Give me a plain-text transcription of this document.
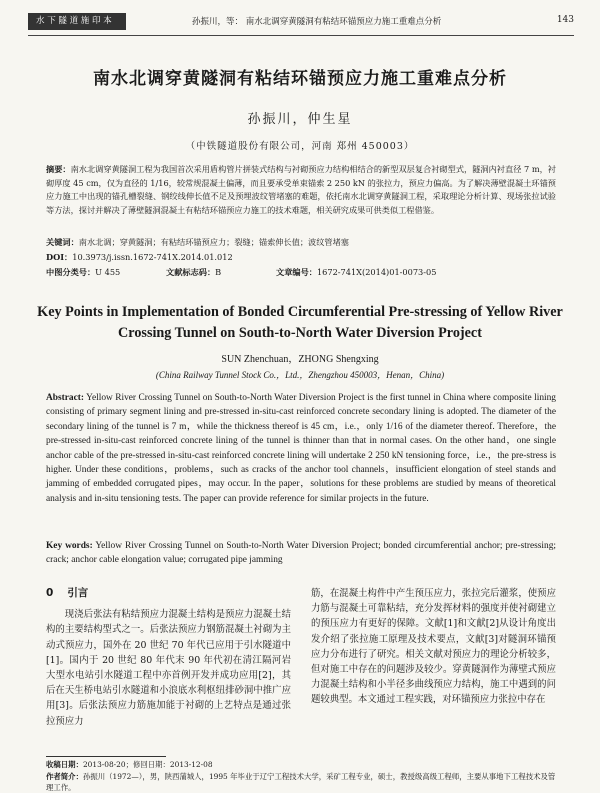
水 下 隧 道 施 印 本	孙振川，等： 南水北调穿黄隧洞有粘结环锚预应力施工重难点分析	143
南水北调穿黄隧洞有粘结环锚预应力施工重难点分析
孙振川，仲生星
（中铁隧道股份有限公司，河南 郑州 450003）
摘要：南水北调穿黄隧洞工程为我国首次采用盾构管片拼装式结构与衬砌预应力结构相结合的新型双层复合衬砌型式，隧洞内衬直径 7 m，衬砌厚度 45 cm，仅为直径的 1/16，较常规混凝土偏薄，而且要承受单束锚索 2 250 kN 的张拉力，预应力偏高。为了解决薄壁混凝土环锚预应力施工中出现的锚孔槽裂缝、钢绞线伸长值不足及预埋波纹管堵塞的难题，依托南水北调穿黄隧洞工程，采取理论分析计算、现场张拉试验等方法，探讨并解决了薄壁隧洞混凝土有粘结环锚预应力施工的技术难题，相关研究成果可供类似工程借鉴。
关键词：南水北调；穿黄隧洞；有粘结环锚预应力；裂缝；锚索伸长值；波纹管堵塞
DOI：10.3973/j.issn.1672-741X.2014.01.012
中图分类号：U 455	文献标志码：B	文章编号：1672-741X(2014)01-0073-05
Key Points in Implementation of Bonded Circumferential Pre-stressing of Yellow River Crossing Tunnel on South-to-North Water Diversion Project
SUN Zhenchuan，ZHONG Shengxing
(China Railway Tunnel Stock Co.，Ltd.，Zhengzhou 450003，Henan，China)
Abstract: Yellow River Crossing Tunnel on South-to-North Water Diversion Project is the first tunnel in China where composite lining consisting of primary segment lining and pre-stressed in-situ-cast reinforced concrete secondary lining is adopted. The diameter of the secondary lining of the tunnel is 7 m，while the thickness thereof is 45 cm，i.e.，only 1/16 of the diameter thereof. Therefore，the pre-stressed in-situ-cast reinforced concrete lining of the tunnel is thinner than that in normal cases. On the other hand，one single anchor cable of the pre-stressed in-situ-cast reinforced concrete lining will undertake 2 250 kN tensioning force，i.e.，the pre-stress is higher. Under these conditions，problems，such as cracks of the anchor tool channels，insufficient elongation of steel stands and jamming of embedded corrugated pipes，may occur. In the paper，solutions for these problems are studied by means of theoretical analysis and in-situ tensioning tests. The paper can provide reference for similar projects in the future.
Key words: Yellow River Crossing Tunnel on South-to-North Water Diversion Project; bonded circumferential anchor; pre-stressing; crack; anchor cable elongation value; corrugated pipe jamming
0 引言
现浇后张法有粘结预应力混凝土结构是预应力混凝土结构的主要结构型式之一。后张法预应力钢筋混凝土衬砌为主动式预应力，国外在 20 世纪 70 年代已应用于引水隧道中[1]。国内于 20 世纪 80 年代末 90 年代初在清江隔河岩大型水电站引水隧道工程中亦首例开发并成功应用[2]，其后在天生桥电站引水隧道和小浪底水利枢纽排砂洞中推广应用[3]。后张法预应力筋施加能于衬砌的上艺特点是通过张拉预应力
筋，在混凝土构件中产生预压应力，张拉完后灌浆，使预应力筋与混凝土可靠粘结，充分发挥材料的强度并使衬砌建立的预压应力有更好的保障。文献[1]和文献[2]从设计角度出发介绍了张拉施工原理及技术要点，文献[3]对隧洞环锚预应力分布进行了研究。相关文献对预应力的理论分析较多，但对施工中存在的问题涉及较少。穿黄隧洞作为薄壁式预应力混凝土结构和小半径多曲线预应力结构，施工中遇到的问题较典型。本文通过工程实践，对环锚预应力张拉中存在
收稿日期：2013-08-20；修回日期：2013-12-08
作者简介：孙振川（1972—），男，陕西蒲城人，1995 年毕业于辽宁工程技术大学，采矿工程专业，硕士，教授级高级工程师，主要从事地下工程技术及管理工作。
